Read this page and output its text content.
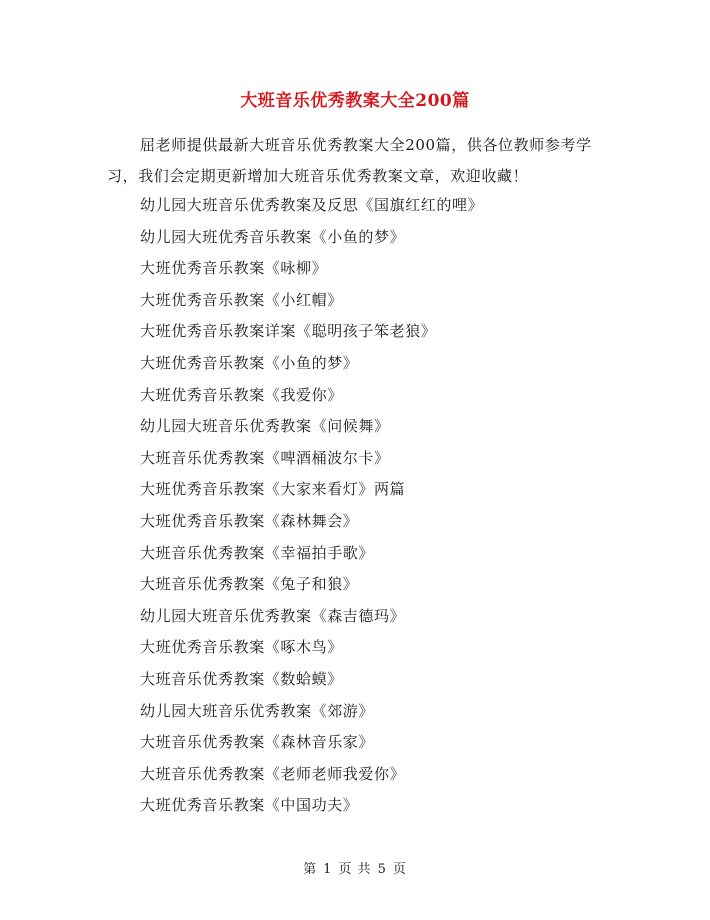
大班音乐优秀教案大全200篇

屈老师提供最新大班音乐优秀教案大全200篇，供各位教师参考学习，我们会定期更新增加大班音乐优秀教案文章，欢迎收藏！

幼儿园大班音乐优秀教案及反思《国旗红红的哩》
幼儿园大班优秀音乐教案《小鱼的梦》
大班优秀音乐教案《咏柳》
大班优秀音乐教案《小红帽》
大班优秀音乐教案详案《聪明孩子笨老狼》
大班优秀音乐教案《小鱼的梦》
大班优秀音乐教案《我爱你》
幼儿园大班音乐优秀教案《问候舞》
大班音乐优秀教案《啤酒桶波尔卡》
大班优秀音乐教案《大家来看灯》两篇
大班优秀音乐教案《森林舞会》
大班音乐优秀教案《幸福拍手歌》
大班音乐优秀教案《兔子和狼》
幼儿园大班音乐优秀教案《森吉德玛》
大班优秀音乐教案《啄木鸟》
大班音乐优秀教案《数蛤蟆》
幼儿园大班音乐优秀教案《郊游》
大班音乐优秀教案《森林音乐家》
大班音乐优秀教案《老师老师我爱你》
大班优秀音乐教案《中国功夫》
第 1 页 共 5 页
